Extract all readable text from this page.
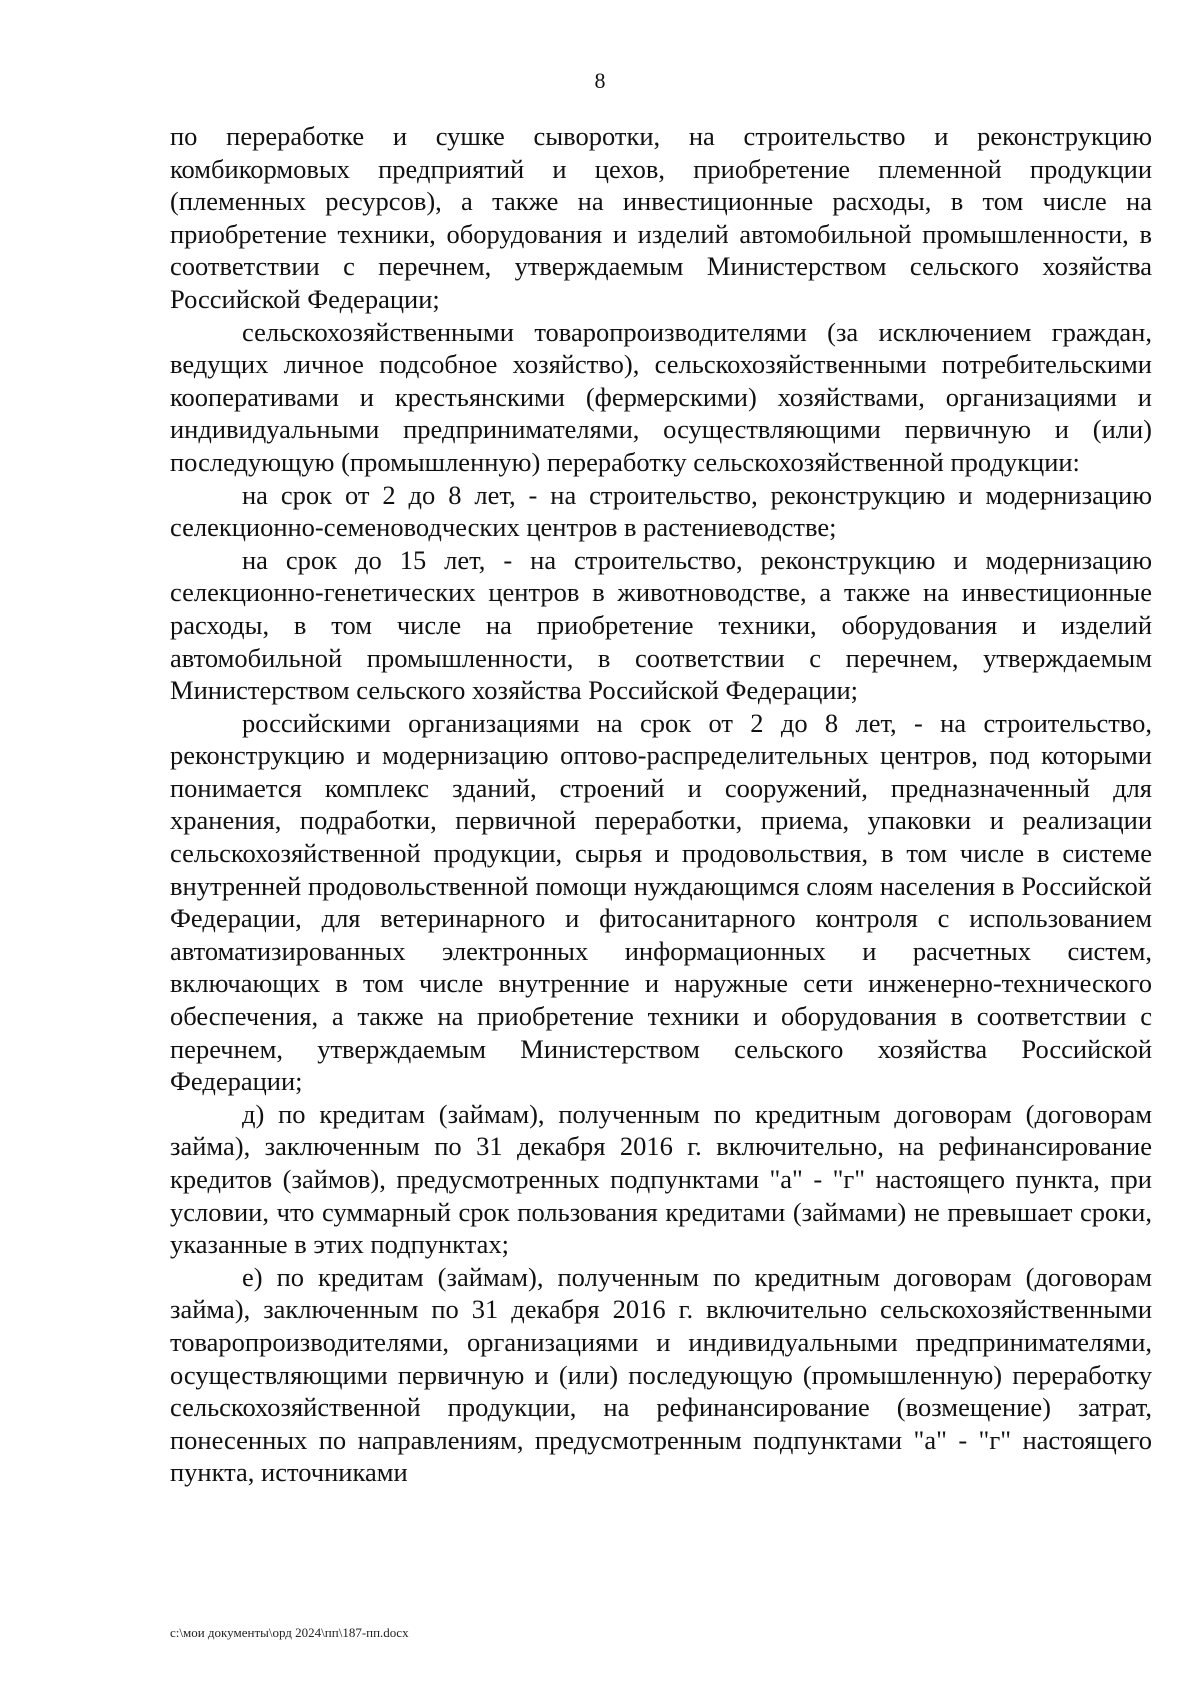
8

по переработке и сушке сыворотки, на строительство и реконструкцию комбикормовых предприятий и цехов, приобретение племенной продукции (племенных ресурсов), а также на инвестиционные расходы, в том числе на приобретение техники, оборудования и изделий автомобильной промышленности, в соответствии с перечнем, утверждаемым Министерством сельского хозяйства Российской Федерации;

сельскохозяйственными товаропроизводителями (за исключением граждан, ведущих личное подсобное хозяйство), сельскохозяйственными потребительскими кооперативами и крестьянскими (фермерскими) хозяйствами, организациями и индивидуальными предпринимателями, осуществляющими первичную и (или) последующую (промышленную) переработку сельскохозяйственной продукции:

на срок от 2 до 8 лет, - на строительство, реконструкцию и модернизацию селекционно-семеноводческих центров в растениеводстве;

на срок до 15 лет, - на строительство, реконструкцию и модернизацию селекционно-генетических центров в животноводстве, а также на инвестиционные расходы, в том числе на приобретение техники, оборудования и изделий автомобильной промышленности, в соответствии с перечнем, утверждаемым Министерством сельского хозяйства Российской Федерации;

российскими организациями на срок от 2 до 8 лет, - на строительство, реконструкцию и модернизацию оптово-распределительных центров, под которыми понимается комплекс зданий, строений и сооружений, предназначенный для хранения, подработки, первичной переработки, приема, упаковки и реализации сельскохозяйственной продукции, сырья и продовольствия, в том числе в системе внутренней продовольственной помощи нуждающимся слоям населения в Российской Федерации, для ветеринарного и фитосанитарного контроля с использованием автоматизированных электронных информационных и расчетных систем, включающих в том числе внутренние и наружные сети инженерно-технического обеспечения, а также на приобретение техники и оборудования в соответствии с перечнем, утверждаемым Министерством сельского хозяйства Российской Федерации;

д) по кредитам (займам), полученным по кредитным договорам (договорам займа), заключенным по 31 декабря 2016 г. включительно, на рефинансирование кредитов (займов), предусмотренных подпунктами "а" - "г" настоящего пункта, при условии, что суммарный срок пользования кредитами (займами) не превышает сроки, указанные в этих подпунктах;

е) по кредитам (займам), полученным по кредитным договорам (договорам займа), заключенным по 31 декабря 2016 г. включительно сельскохозяйственными товаропроизводителями, организациями и индивидуальными предпринимателями, осуществляющими первичную и (или) последующую (промышленную) переработку сельскохозяйственной продукции, на рефинансирование (возмещение) затрат, понесенных по направлениям, предусмотренным подпунктами "а" - "г" настоящего пункта, источниками

c:\мои документы\орд 2024\пп\187-пп.docx
